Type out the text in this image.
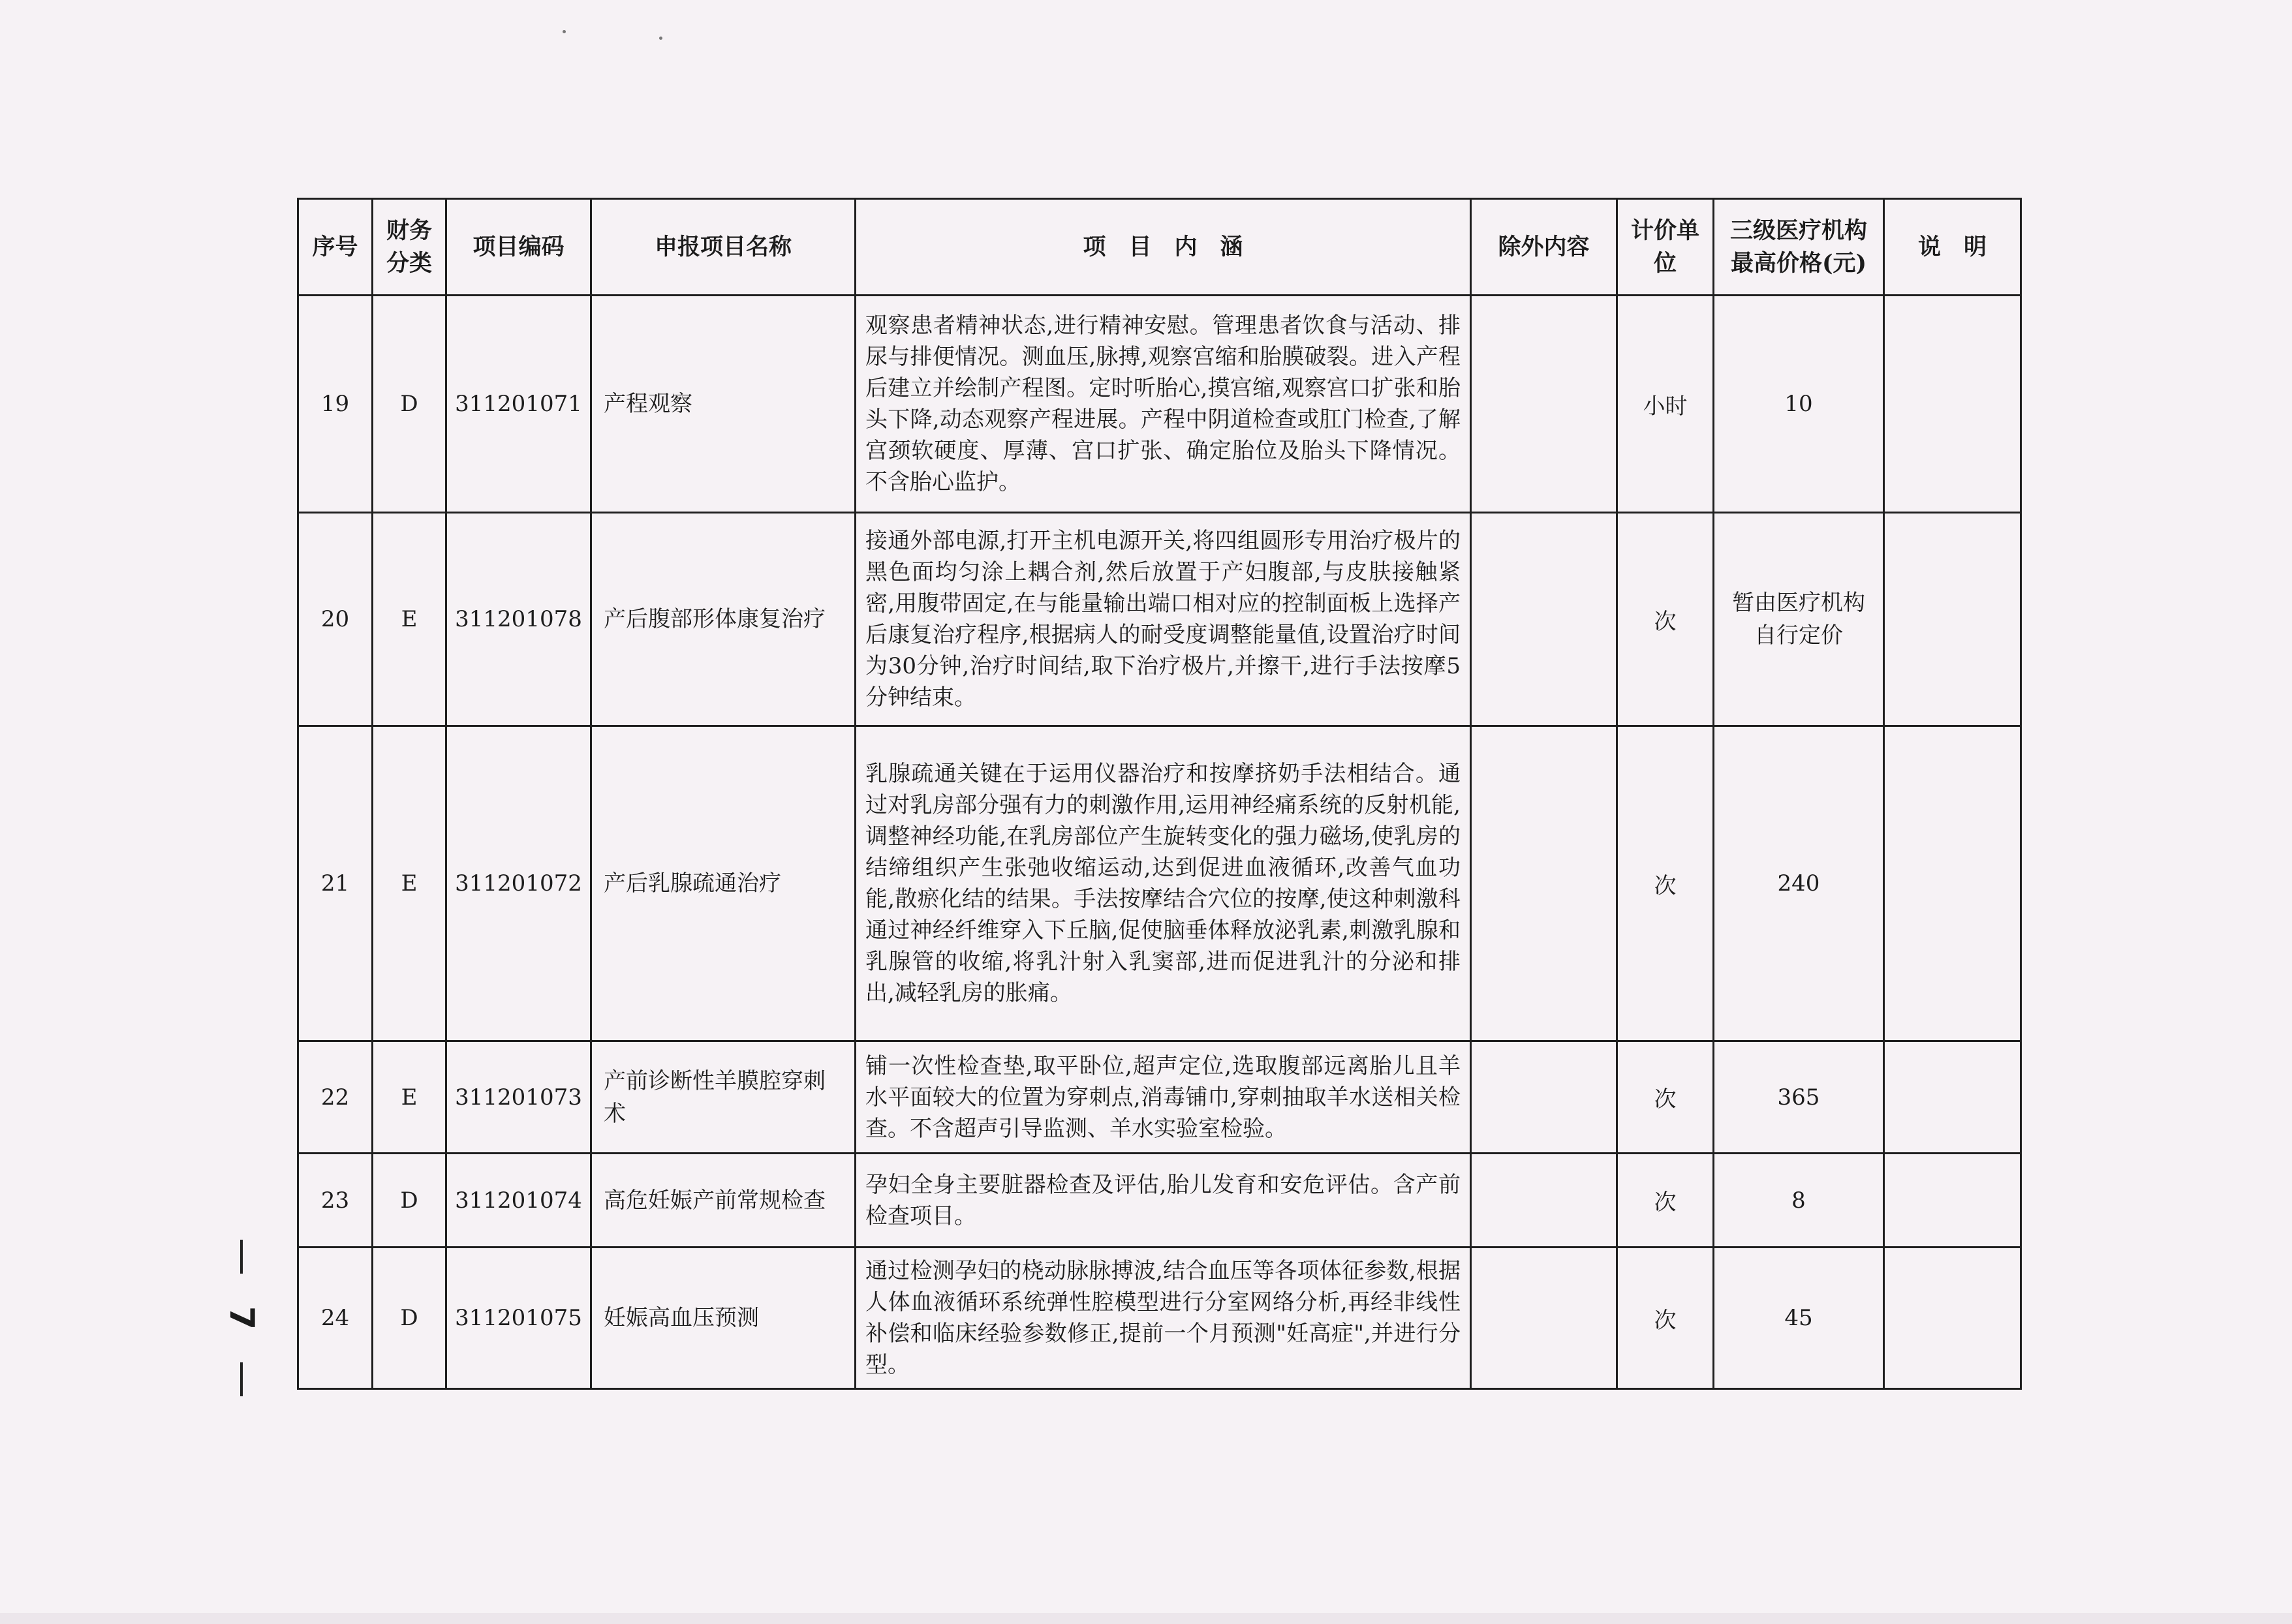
序号	财务分类	项目编码	申报项目名称	项　目　内　涵	除外内容	计价单位	三级医疗机构最高价格(元)	说　明
19	D	311201071	产程观察	观察患者精神状态,进行精神安慰。管理患者饮食与活动、排尿与排便情况。测血压,脉搏,观察宫缩和胎膜破裂。进入产程后建立并绘制产程图。定时听胎心,摸宫缩,观察宫口扩张和胎头下降,动态观察产程进展。产程中阴道检查或肛门检查,了解宫颈软硬度、厚薄、宫口扩张、确定胎位及胎头下降情况。不含胎心监护。		小时	10	
20	E	311201078	产后腹部形体康复治疗	接通外部电源,打开主机电源开关,将四组圆形专用治疗极片的黑色面均匀涂上耦合剂,然后放置于产妇腹部,与皮肤接触紧密,用腹带固定,在与能量输出端口相对应的控制面板上选择产后康复治疗程序,根据病人的耐受度调整能量值,设置治疗时间为30分钟,治疗时间结,取下治疗极片,并擦干,进行手法按摩5分钟结束。		次	暂由医疗机构自行定价	
21	E	311201072	产后乳腺疏通治疗	乳腺疏通关键在于运用仪器治疗和按摩挤奶手法相结合。通过对乳房部分强有力的刺激作用,运用神经痛系统的反射机能,调整神经功能,在乳房部位产生旋转变化的强力磁场,使乳房的结缔组织产生张弛收缩运动,达到促进血液循环,改善气血功能,散瘀化结的结果。手法按摩结合穴位的按摩,使这种刺激科通过神经纤维穿入下丘脑,促使脑垂体释放泌乳素,刺激乳腺和乳腺管的收缩,将乳汁射入乳窦部,进而促进乳汁的分泌和排出,减轻乳房的胀痛。		次	240	
22	E	311201073	产前诊断性羊膜腔穿刺术	铺一次性检查垫,取平卧位,超声定位,选取腹部远离胎儿且羊水平面较大的位置为穿刺点,消毒铺巾,穿刺抽取羊水送相关检查。不含超声引导监测、羊水实验室检验。		次	365	
23	D	311201074	高危妊娠产前常规检查	孕妇全身主要脏器检查及评估,胎儿发育和安危评估。含产前检查项目。		次	8	
24	D	311201075	妊娠高血压预测	通过检测孕妇的桡动脉脉搏波,结合血压等各项体征参数,根据人体血液循环系统弹性腔模型进行分室网络分析,再经非线性补偿和临床经验参数修正,提前一个月预测"妊高症",并进行分型。		次	45	
7
